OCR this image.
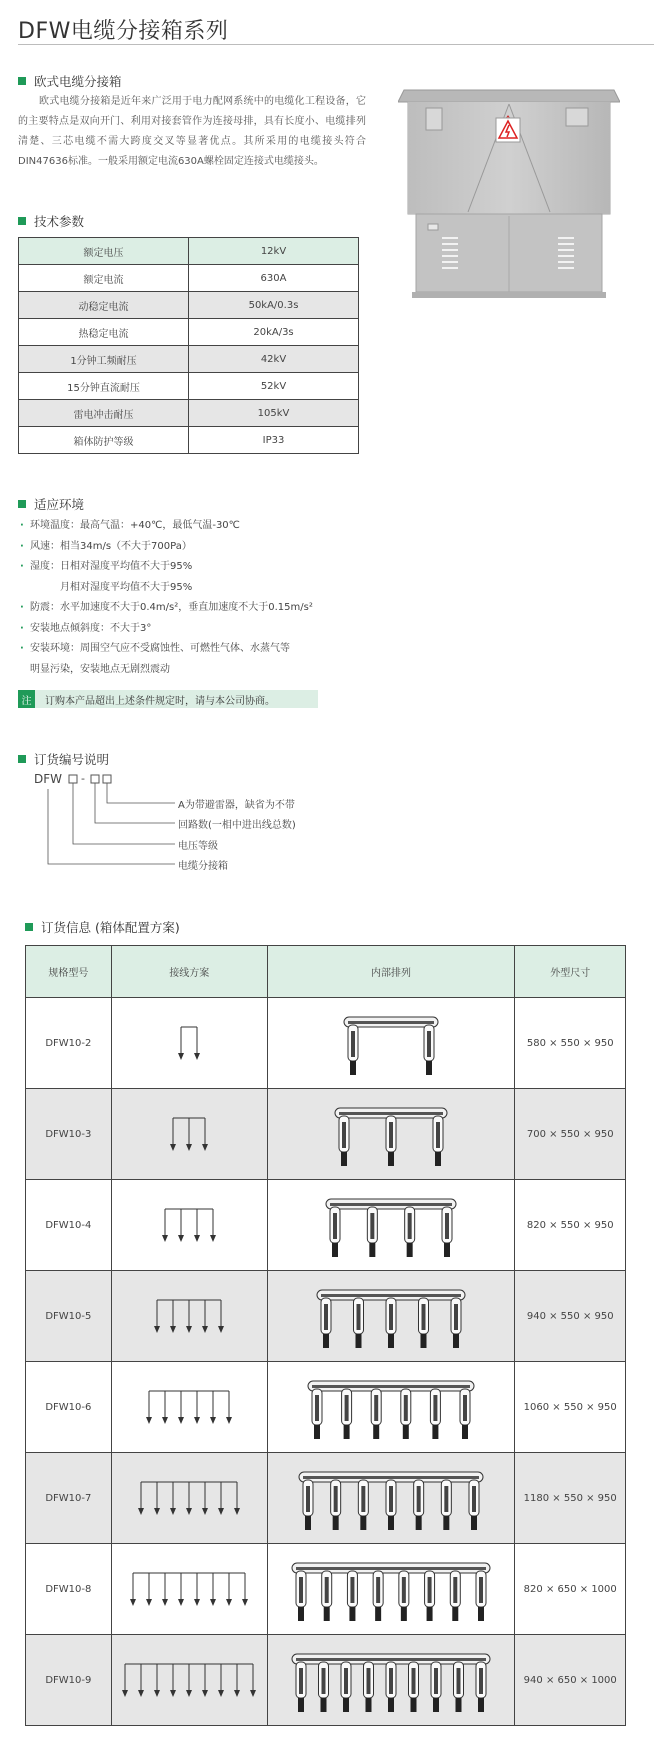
DFW电缆分接箱系列
欧式电缆分接箱
欧式电缆分接箱是近年来广泛用于电力配网系统中的电缆化工程设备，它的主要特点是双向开门、利用对接套管作为连接母排，具有长度小、电缆排列清楚、三芯电缆不需大跨度交叉等显著优点。其所采用的电缆接头符合DIN47636标准。一般采用额定电流630A螺栓固定连接式电缆接头。
技术参数
额定电压	12kV
额定电流	630A
动稳定电流	50kA/0.3s
热稳定电流	20kA/3s
1分钟工频耐压	42kV
15分钟直流耐压	52kV
雷电冲击耐压	105kV
箱体防护等级	IP33
适应环境
· 环境温度：最高气温：+40℃，最低气温-30℃
· 风速：相当34m/s（不大于700Pa）
· 湿度：日相对湿度平均值不大于95%
月相对湿度平均值不大于95%
· 防震：水平加速度不大于0.4m/s²，垂直加速度不大于0.15m/s²
· 安装地点倾斜度：不大于3°
· 安装环境：周围空气应不受腐蚀性、可燃性气体、水蒸气等
明显污染，安装地点无剧烈震动
注	订购本产品超出上述条件规定时，请与本公司协商。
订货编号说明
DFW -
A为带避雷器，缺省为不带
回路数(一相中进出线总数)
电压等级
电缆分接箱
订货信息 (箱体配置方案)
规格型号	接线方案	内部排列	外型尺寸
DFW10-2			580 × 550 × 950
DFW10-3			700 × 550 × 950
DFW10-4			820 × 550 × 950
DFW10-5			940 × 550 × 950
DFW10-6			1060 × 550 × 950
DFW10-7			1180 × 550 × 950
DFW10-8			820 × 650 × 1000
DFW10-9			940 × 650 × 1000
